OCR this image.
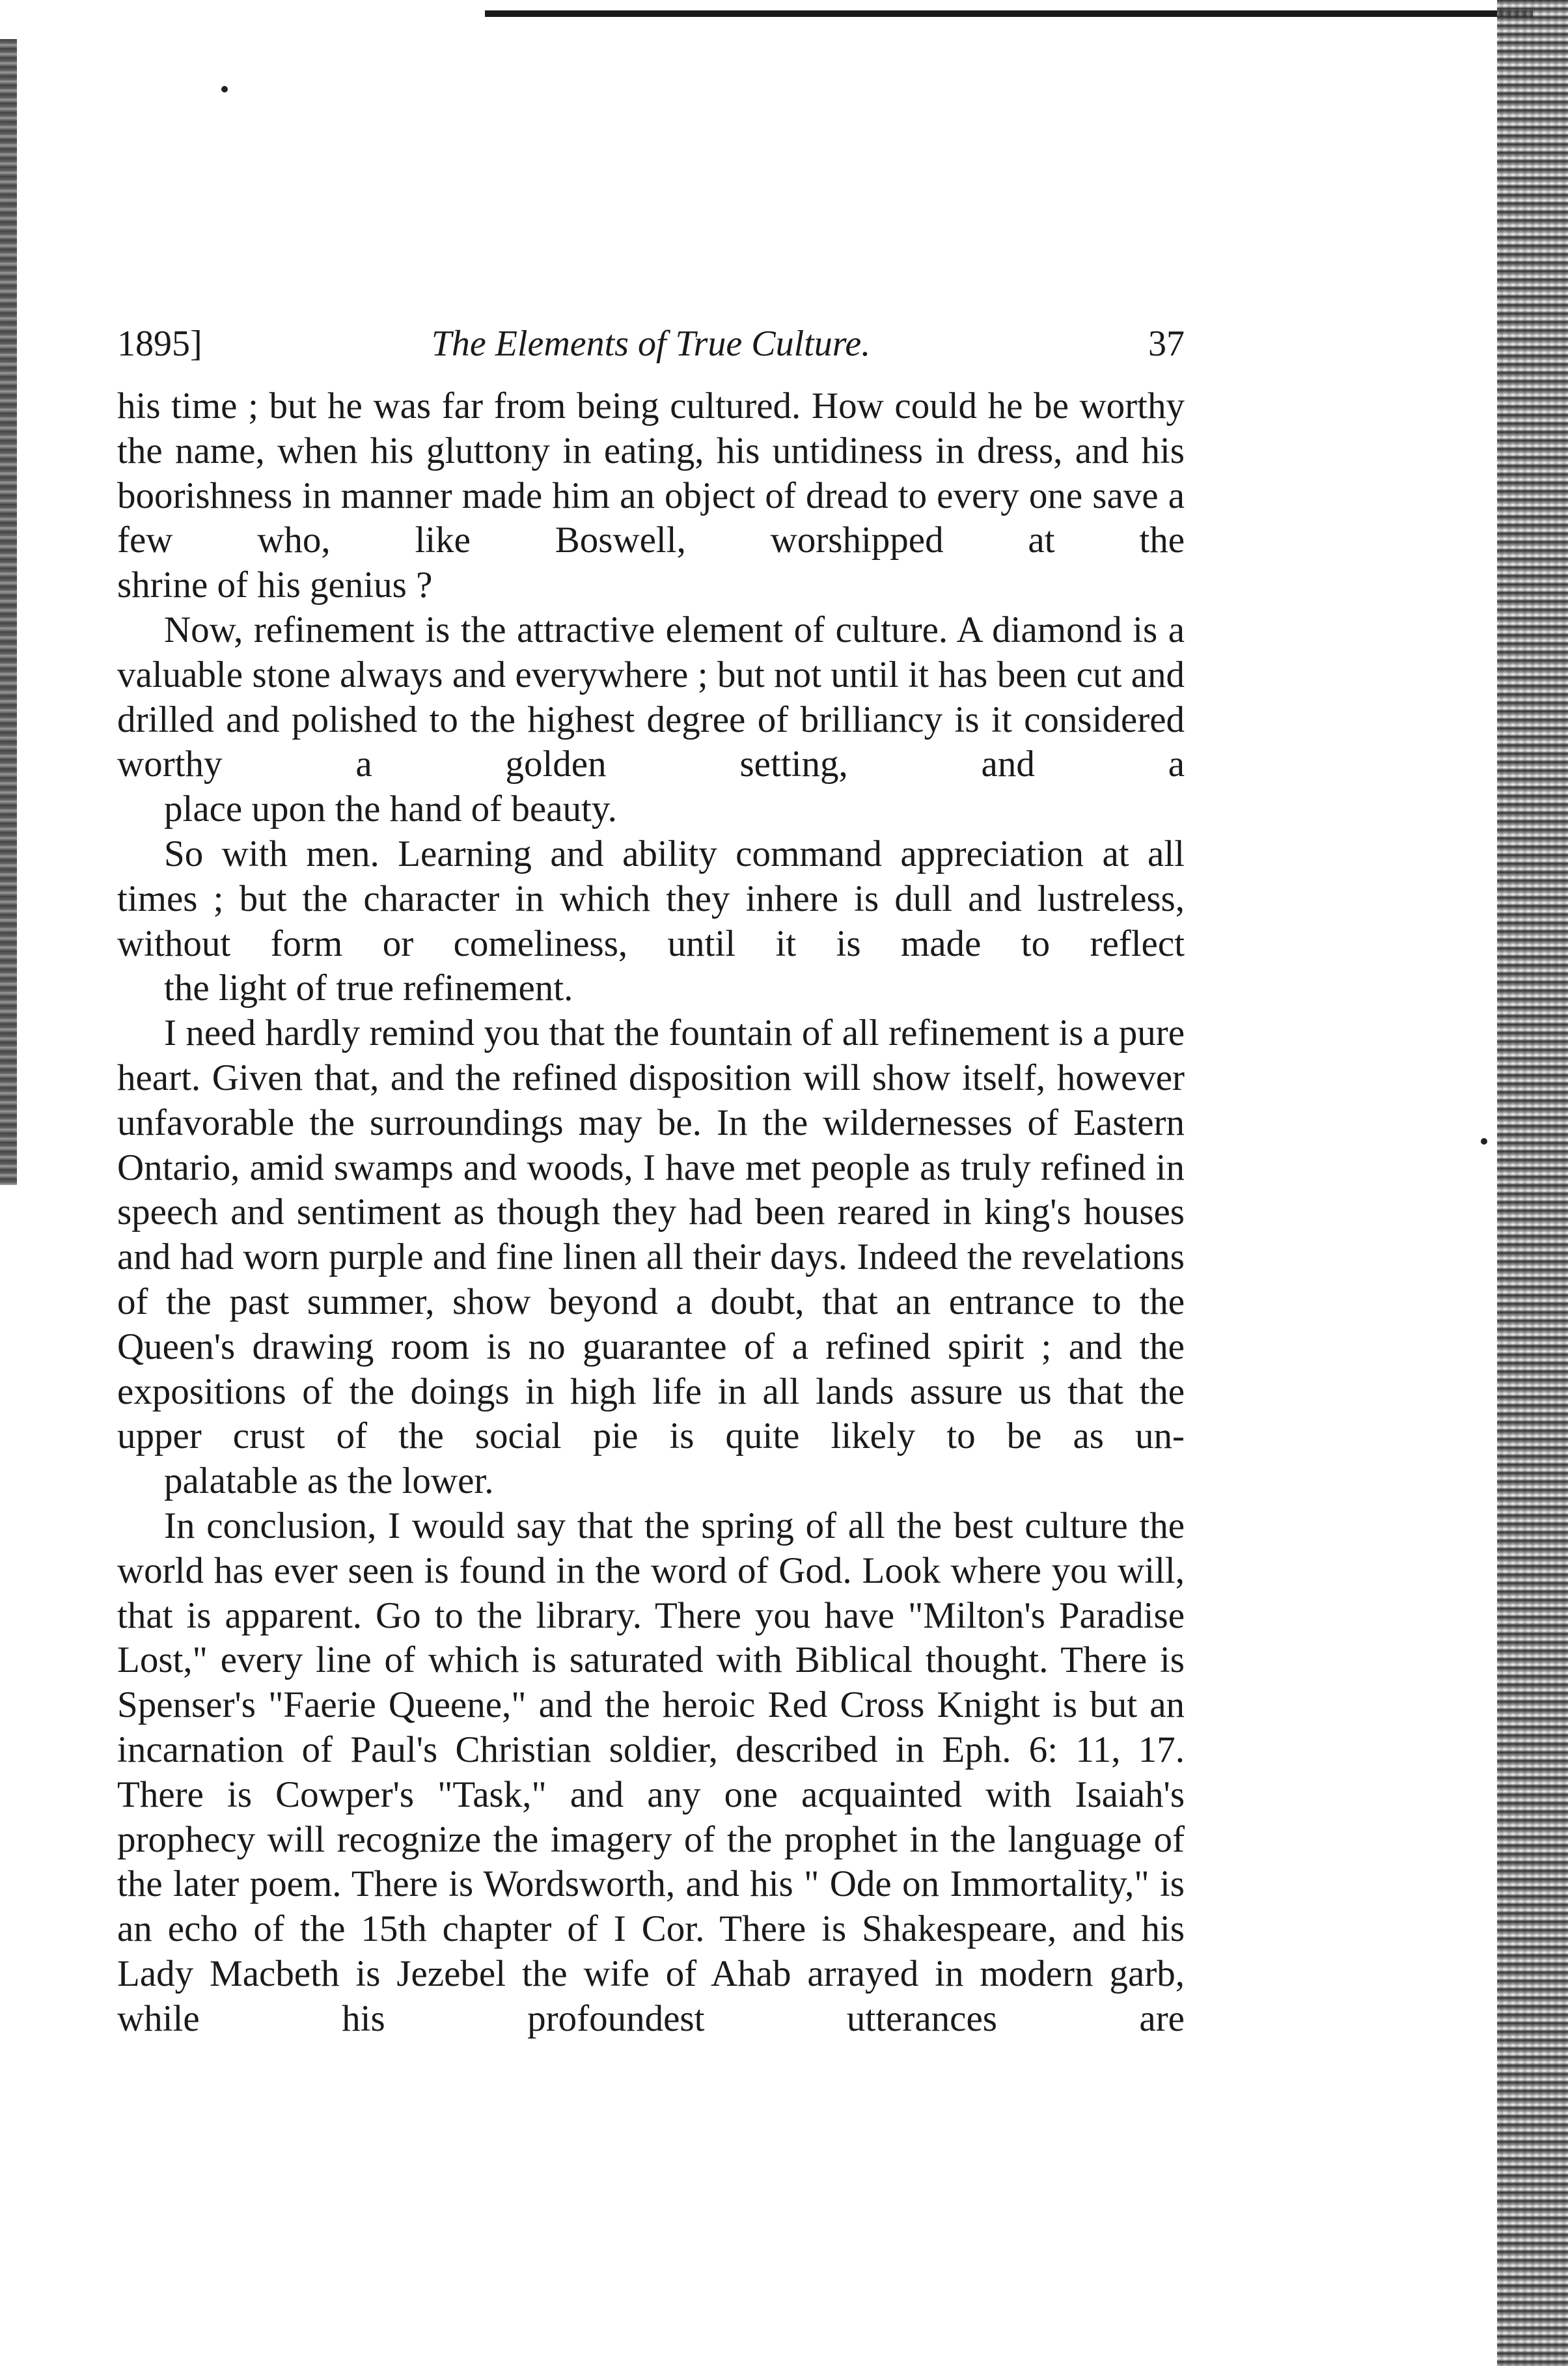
1895]	The Elements of True Culture.	37

his time ; but he was far from being cultured. How could he be worthy the name, when his gluttony in eating, his untidiness in dress, and his boorishness in manner made him an object of dread to every one save a few who, like Boswell, worshipped at the
shrine of his genius ?

Now, refinement is the attractive element of culture. A diamond is a valuable stone always and everywhere ; but not until it has been cut and drilled and polished to the highest degree of brilliancy is it considered worthy a golden setting, and a
place upon the hand of beauty.

So with men. Learning and ability command appreciation at all times ; but the character in which they inhere is dull and lustreless, without form or comeliness, until it is made to reflect
the light of true refinement.

I need hardly remind you that the fountain of all refinement is a pure heart. Given that, and the refined disposition will show itself, however unfavorable the surroundings may be. In the wildernesses of Eastern Ontario, amid swamps and woods, I have met people as truly refined in speech and sentiment as though they had been reared in king's houses and had worn purple and fine linen all their days. Indeed the revelations of the past summer, show beyond a doubt, that an entrance to the Queen's drawing room is no guarantee of a refined spirit ; and the expositions of the doings in high life in all lands assure us that the upper crust of the social pie is quite likely to be as un-
palatable as the lower.

In conclusion, I would say that the spring of all the best culture the world has ever seen is found in the word of God. Look where you will, that is apparent. Go to the library. There you have "Milton's Paradise Lost," every line of which is saturated with Biblical thought. There is Spenser's "Faerie Queene," and the heroic Red Cross Knight is but an incarnation of Paul's Christian soldier, described in Eph. 6: 11, 17. There is Cowper's "Task," and any one acquainted with Isaiah's prophecy will recognize the imagery of the prophet in the language of the later poem. There is Wordsworth, and his " Ode on Immortality," is an echo of the 15th chapter of I Cor. There is Shakespeare, and his Lady Macbeth is Jezebel the wife of Ahab arrayed in modern garb, while his profoundest utterances are
